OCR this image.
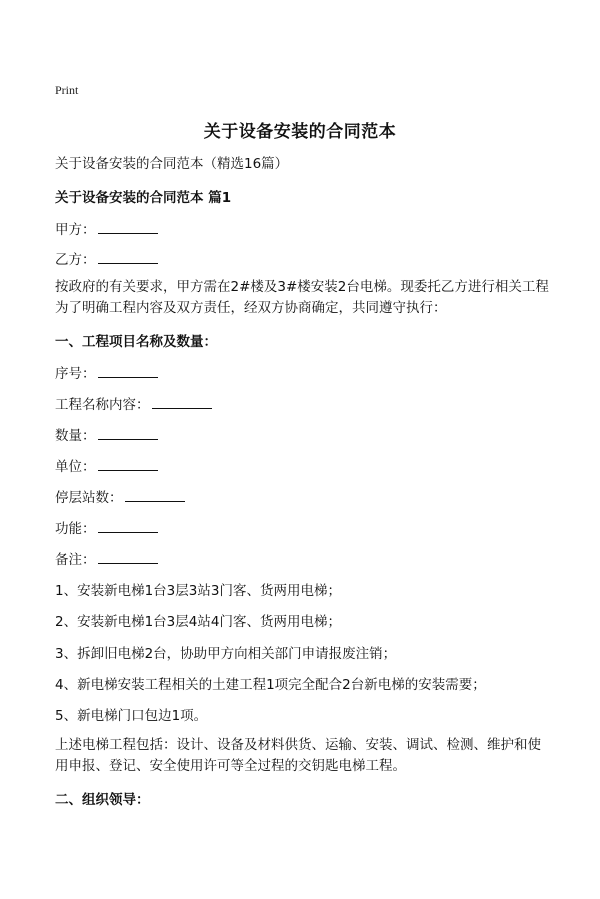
Print
关于设备安装的合同范本
关于设备安装的合同范本（精选16篇）
关于设备安装的合同范本 篇1
甲方：
乙方：
按政府的有关要求，甲方需在2#楼及3#楼安装2台电梯。现委托乙方进行相关工程
为了明确工程内容及双方责任，经双方协商确定，共同遵守执行：
一、工程项目名称及数量：
序号：
工程名称内容：
数量：
单位：
停层站数：
功能：
备注：
1、安装新电梯1台3层3站3门客、货两用电梯；
2、安装新电梯1台3层4站4门客、货两用电梯；
3、拆卸旧电梯2台，协助甲方向相关部门申请报废注销；
4、新电梯安装工程相关的土建工程1项完全配合2台新电梯的安装需要；
5、新电梯门口包边1项。
上述电梯工程包括：设计、设备及材料供货、运输、安装、调试、检测、维护和使
用申报、登记、安全使用许可等全过程的交钥匙电梯工程。
二、组织领导：
